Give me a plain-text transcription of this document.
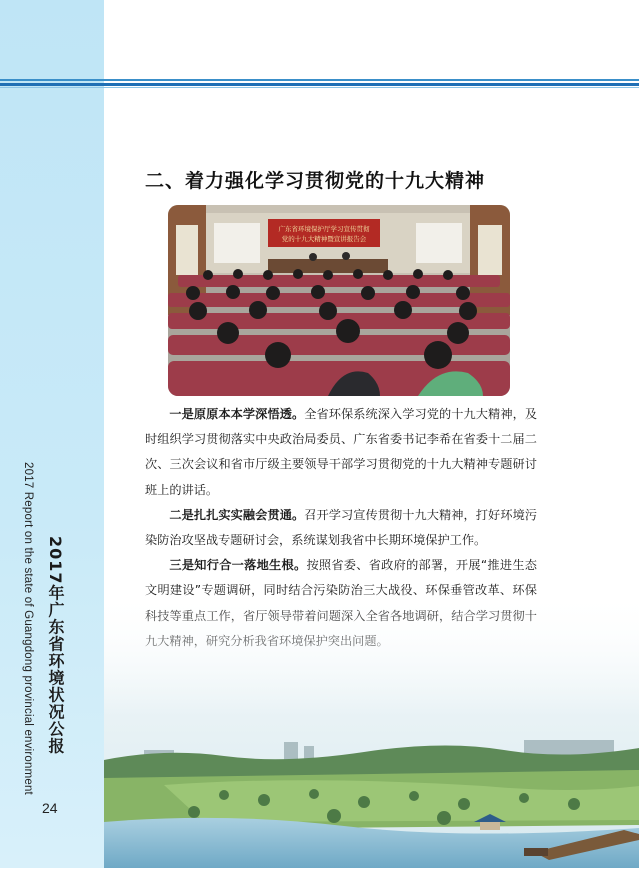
2017 Report on the state of Guangdong provincial environment 2017年广东省环境状况公报
24
二、着力强化学习贯彻党的十九大精神
广东省环境保护厅学习宣传贯彻
党的十九大精神暨宣讲报告会

一是原原本本学深悟透。全省环保系统深入学习党的十九大精神，及时组织学习贯彻落实中央政治局委员、广东省委书记李希在省委十二届二次、三次会议和省市厅级主要领导干部学习贯彻党的十九大精神专题研讨班上的讲话。

二是扎扎实实融会贯通。召开学习宣传贯彻十九大精神，打好环境污染防治攻坚战专题研讨会，系统谋划我省中长期环境保护工作。

三是知行合一落地生根。按照省委、省政府的部署，开展“推进生态
